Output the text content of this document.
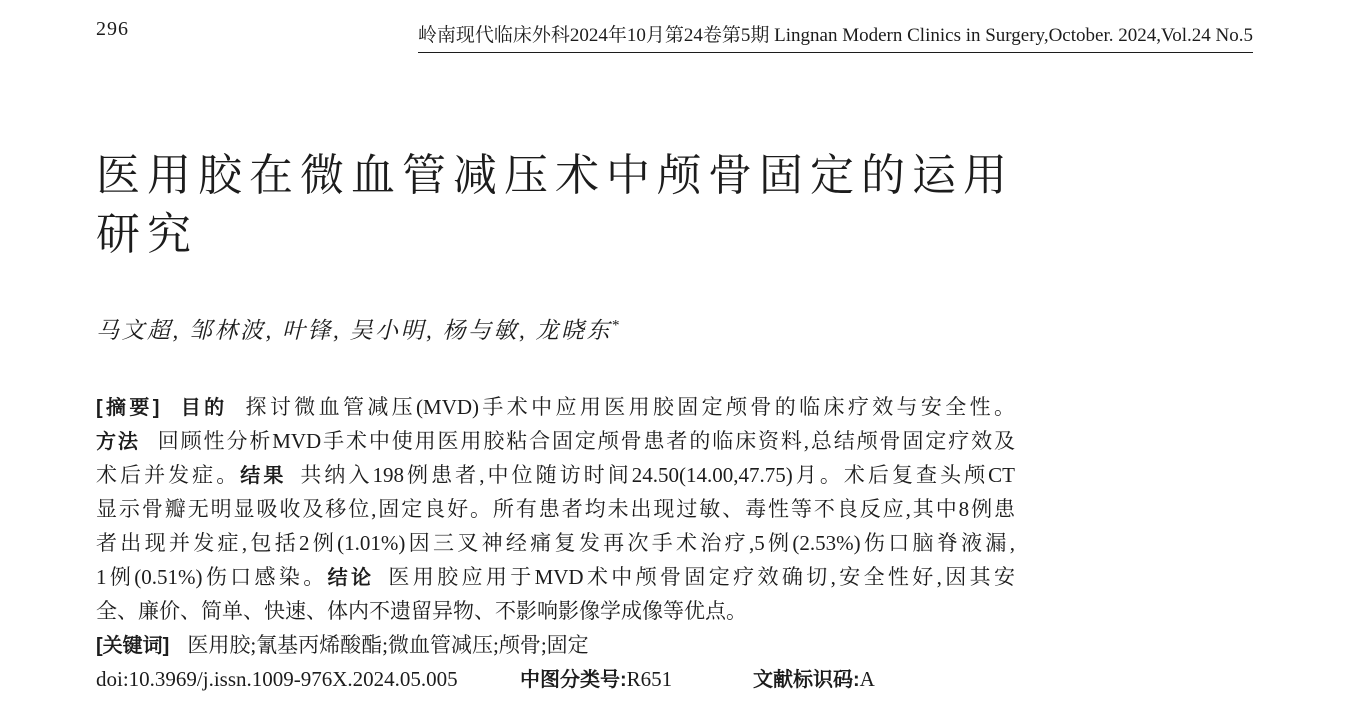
296	岭南现代临床外科2024年10月第24卷第5期 Lingnan Modern Clinics in Surgery,October. 2024,Vol.24 No.5
医用胶在微血管减压术中颅骨固定的运用
研究
马文超, 邹林波, 叶锋, 吴小明, 杨与敏, 龙晓东*
[摘要] 目的 探讨微血管减压(MVD)手术中应用医用胶固定颅骨的临床疗效与安全性。
方法 回顾性分析MVD手术中使用医用胶粘合固定颅骨患者的临床资料,总结颅骨固定疗效及
术后并发症。结果 共纳入198例患者,中位随访时间24.50(14.00,47.75)月。术后复查头颅CT
显示骨瓣无明显吸收及移位,固定良好。所有患者均未出现过敏、毒性等不良反应,其中8例患
者出现并发症,包括2例(1.01%)因三叉神经痛复发再次手术治疗,5例(2.53%)伤口脑脊液漏,
1例(0.51%)伤口感染。结论 医用胶应用于MVD术中颅骨固定疗效确切,安全性好,因其安
全、廉价、简单、快速、体内不遗留异物、不影响影像学成像等优点。
[关键词] 医用胶;氰基丙烯酸酯;微血管减压;颅骨;固定
doi:10.3969/j.issn.1009-976X.2024.05.005	中图分类号:R651	文献标识码:A
